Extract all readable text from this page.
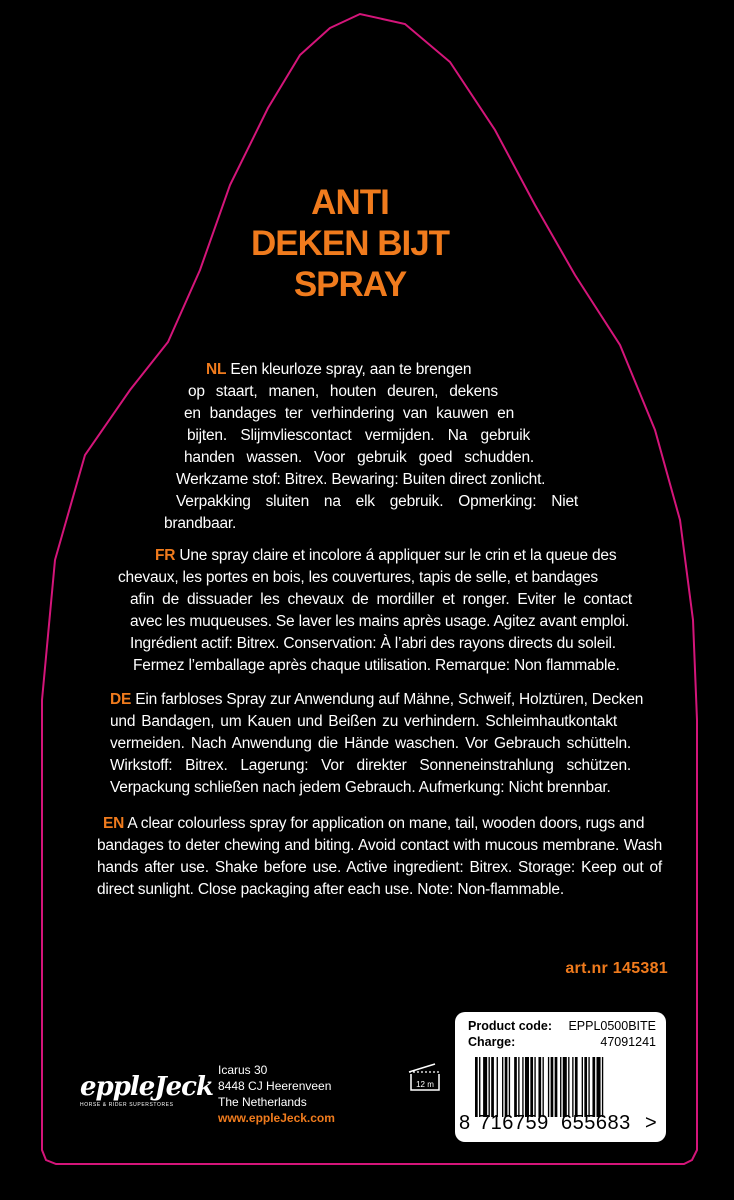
ANTI
DEKEN BIJT
SPRAY
NL Een kleurloze spray, aan te brengen
op staart, manen, houten deuren, dekens
en bandages ter verhindering van kauwen en
bijten. Slijmvliescontact vermijden. Na gebruik
handen wassen. Voor gebruik goed schudden.
Werkzame stof: Bitrex. Bewaring: Buiten direct zonlicht.
Verpakking sluiten na elk gebruik. Opmerking: Niet
brandbaar.
FR Une spray claire et incolore á appliquer sur le crin et la queue des
chevaux, les portes en bois, les couvertures, tapis de selle, et bandages
afin de dissuader les chevaux de mordiller et ronger. Eviter le contact
avec les muqueuses. Se laver les mains après usage. Agitez avant emploi.
Ingrédient actif: Bitrex. Conservation: À l’abri des rayons directs du soleil.
Fermez l’emballage après chaque utilisation. Remarque: Non flammable.
DE Ein farbloses Spray zur Anwendung auf Mähne, Schweif, Holztüren, Decken
und Bandagen, um Kauen und Beißen zu verhindern. Schleimhautkontakt
vermeiden. Nach Anwendung die Hände waschen. Vor Gebrauch schütteln.
Wirkstoff: Bitrex. Lagerung: Vor direkter Sonneneinstrahlung schützen.
Verpackung schließen nach jedem Gebrauch. Aufmerkung: Nicht brennbar.
EN A clear colourless spray for application on mane, tail, wooden doors, rugs and
bandages to deter chewing and biting. Avoid contact with mucous membrane. Wash
hands after use. Shake before use. Active ingredient: Bitrex. Storage: Keep out of
direct sunlight. Close packaging after each use. Note: Non-flammable.
art.nr 145381
Product code: EPPL0500BITE
Charge:	47091241
8 716759 655683 >
eppleJeck
HORSE & RIDER SUPERSTORES
Icarus 30
8448 CJ Heerenveen
The Netherlands
www.eppleJeck.com
12 m
